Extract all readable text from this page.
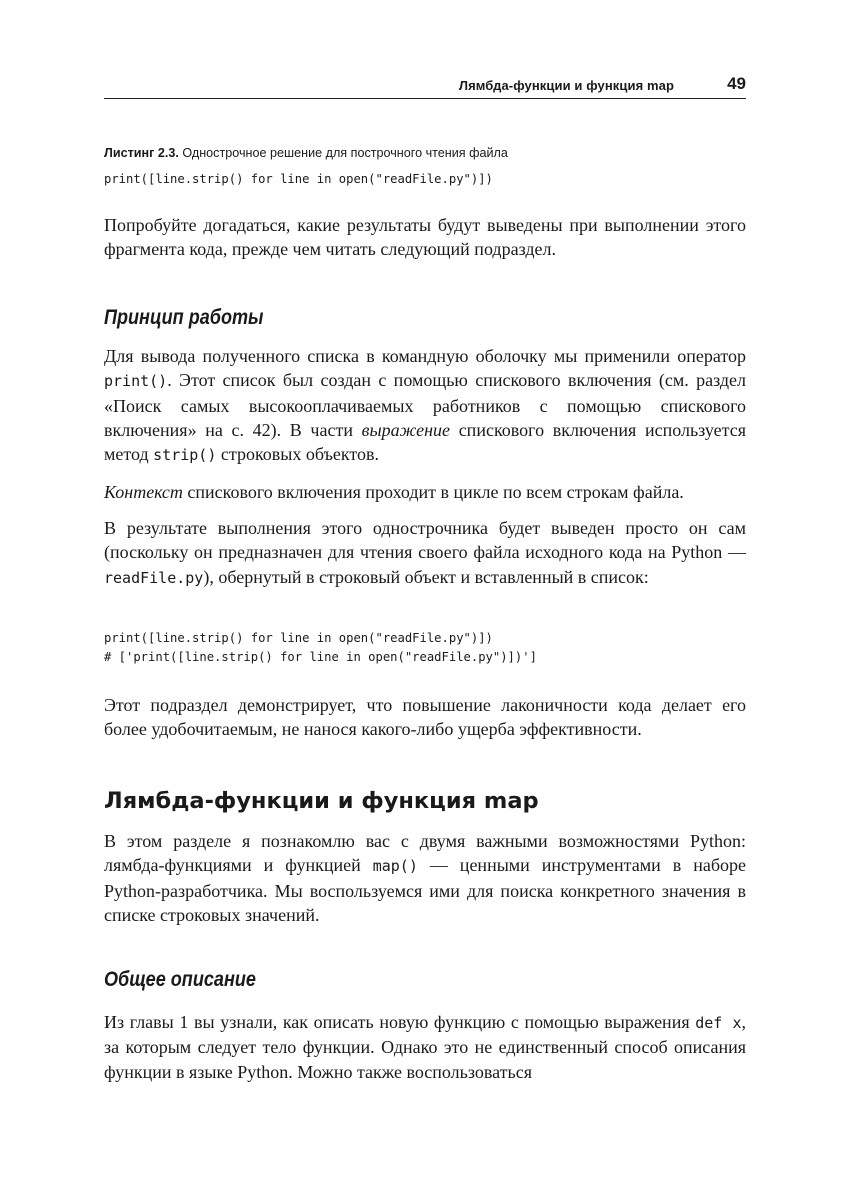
Лямбда-функции и функция map	49
Листинг 2.3. Однострочное решение для построчного чтения файла
print([line.strip() for line in open("readFile.py")])

Попробуйте догадаться, какие результаты будут выведены при выполнении этого фрагмента кода, прежде чем читать следующий подраздел.

Принцип работы

Для вывода полученного списка в командную оболочку мы применили оператор print(). Этот список был создан с помощью спискового включения (см. раздел «Поиск самых высокооплачиваемых работников с помощью спискового включения» на с. 42). В части выражение спискового включения используется метод strip() строковых объектов.

Контекст спискового включения проходит в цикле по всем строкам файла.

В результате выполнения этого однострочника будет выведен просто он сам (поскольку он предназначен для чтения своего файла исходного кода на Python — readFile.py), обернутый в строковый объект и вставленный в список:

print([line.strip() for line in open("readFile.py")])
# ['print([line.strip() for line in open("readFile.py")])']

Этот подраздел демонстрирует, что повышение лаконичности кода делает его более удобочитаемым, не нанося какого-либо ущерба эффективности.

Лямбда-функции и функция map

В этом разделе я познакомлю вас с двумя важными возможностями Python: лямбда-функциями и функцией map() — ценными инструментами в наборе Python-разработчика. Мы воспользуемся ими для поиска конкретного значения в списке строковых значений.

Общее описание

Из главы 1 вы узнали, как описать новую функцию с помощью выражения def x, за которым следует тело функции. Однако это не единственный способ описания функции в языке Python. Можно также воспользоваться
